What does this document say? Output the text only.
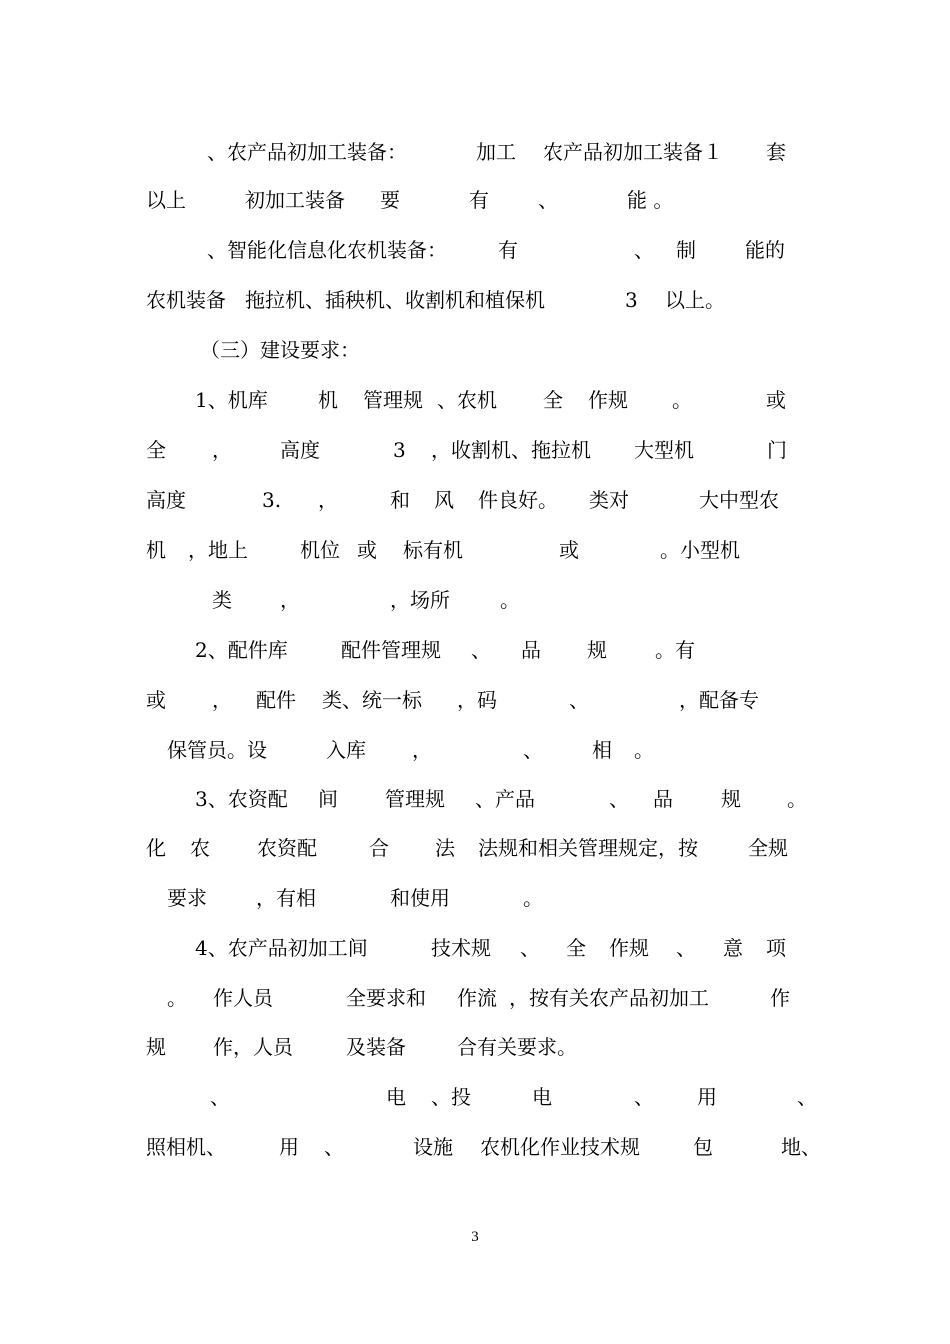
、农产品初加工装备：	加工 农产品初加工装备１ 套
以上	初加工装备 要	有 、	能 。
、智能化信息化农机装备：	有	、 制 能的
农机装备 拖拉机、插秧机、收割机和植保机	3 以上。
（三）建设要求：
1、机库	机 管理规 、农机 全 作规 。	或
全 ， 高度	3 ，收割机、拖拉机 大型机	门
高度	3. ，	和 风 件良好。 类对	大中型农
机 ，地上	机位 或 标有机	或	。小型机
类 ，	，场所	。
2、配件库	配件管理规 、 品 规 。有
或 ， 配件 类、统一标 ，码	、	，配备专
保管员。设	入库 ，	、 相 。
3、农资配 间 管理规 、产品	、 品 规 。
化 农 农资配	合 法 法规和相关管理规定，按	全规
要求 ，有相	和使用	。
4、农产品初加工间	技术规 、 全 作规 、 意 项
。 作人员	全要求和 作流 ，按有关农产品初加工	作
规 作，人员	及装备	合有关要求。
、	电 、投	电	、 用	、
照相机、	用 、	设施 农机化作业技术规	包	地、
3
